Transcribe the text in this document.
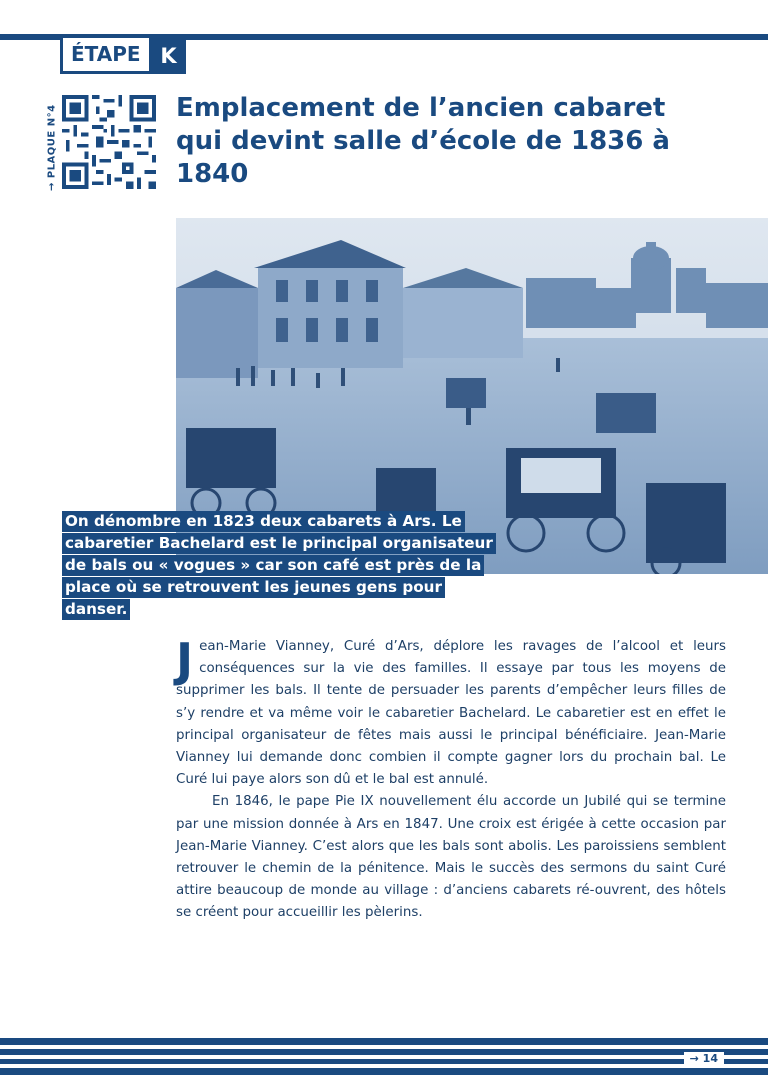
ÉTAPE K
→ PLAQUE N°4	Emplacement de l’ancien cabaret
qui devint salle d’école de 1836 à 1840
On dénombre en 1823 deux cabarets à Ars. Le cabaretier Bachelard est le principal organisateur de bals ou « vogues » car son café est près de la place où se retrouvent les jeunes gens pour danser.

Jean-Marie Vianney, Curé d’Ars, déplore les ravages de l’alcool et leurs conséquences sur la vie des familles. Il essaye par tous les moyens de supprimer les bals. Il tente de persuader les parents d’empêcher leurs filles de s’y rendre et va même voir le cabaretier Bachelard. Le cabaretier est en effet le principal organisateur de fêtes mais aussi le principal bénéficiaire. Jean-Marie Vianney lui demande donc combien il compte gagner lors du prochain bal. Le Curé lui paye alors son dû et le bal est annulé.

En 1846, le pape Pie IX nouvellement élu accorde un Jubilé qui se termine par une mission donnée à Ars en 1847. Une croix est érigée à cette occasion par Jean-Marie Vianney. C’est alors que les bals sont abolis. Les paroissiens semblent retrouver le chemin de la pénitence. Mais le succès des sermons du saint Curé attire beaucoup de monde au village : d’anciens cabarets ré-ouvrent, des hôtels se créent pour accueillir les pèlerins.

→ 14
